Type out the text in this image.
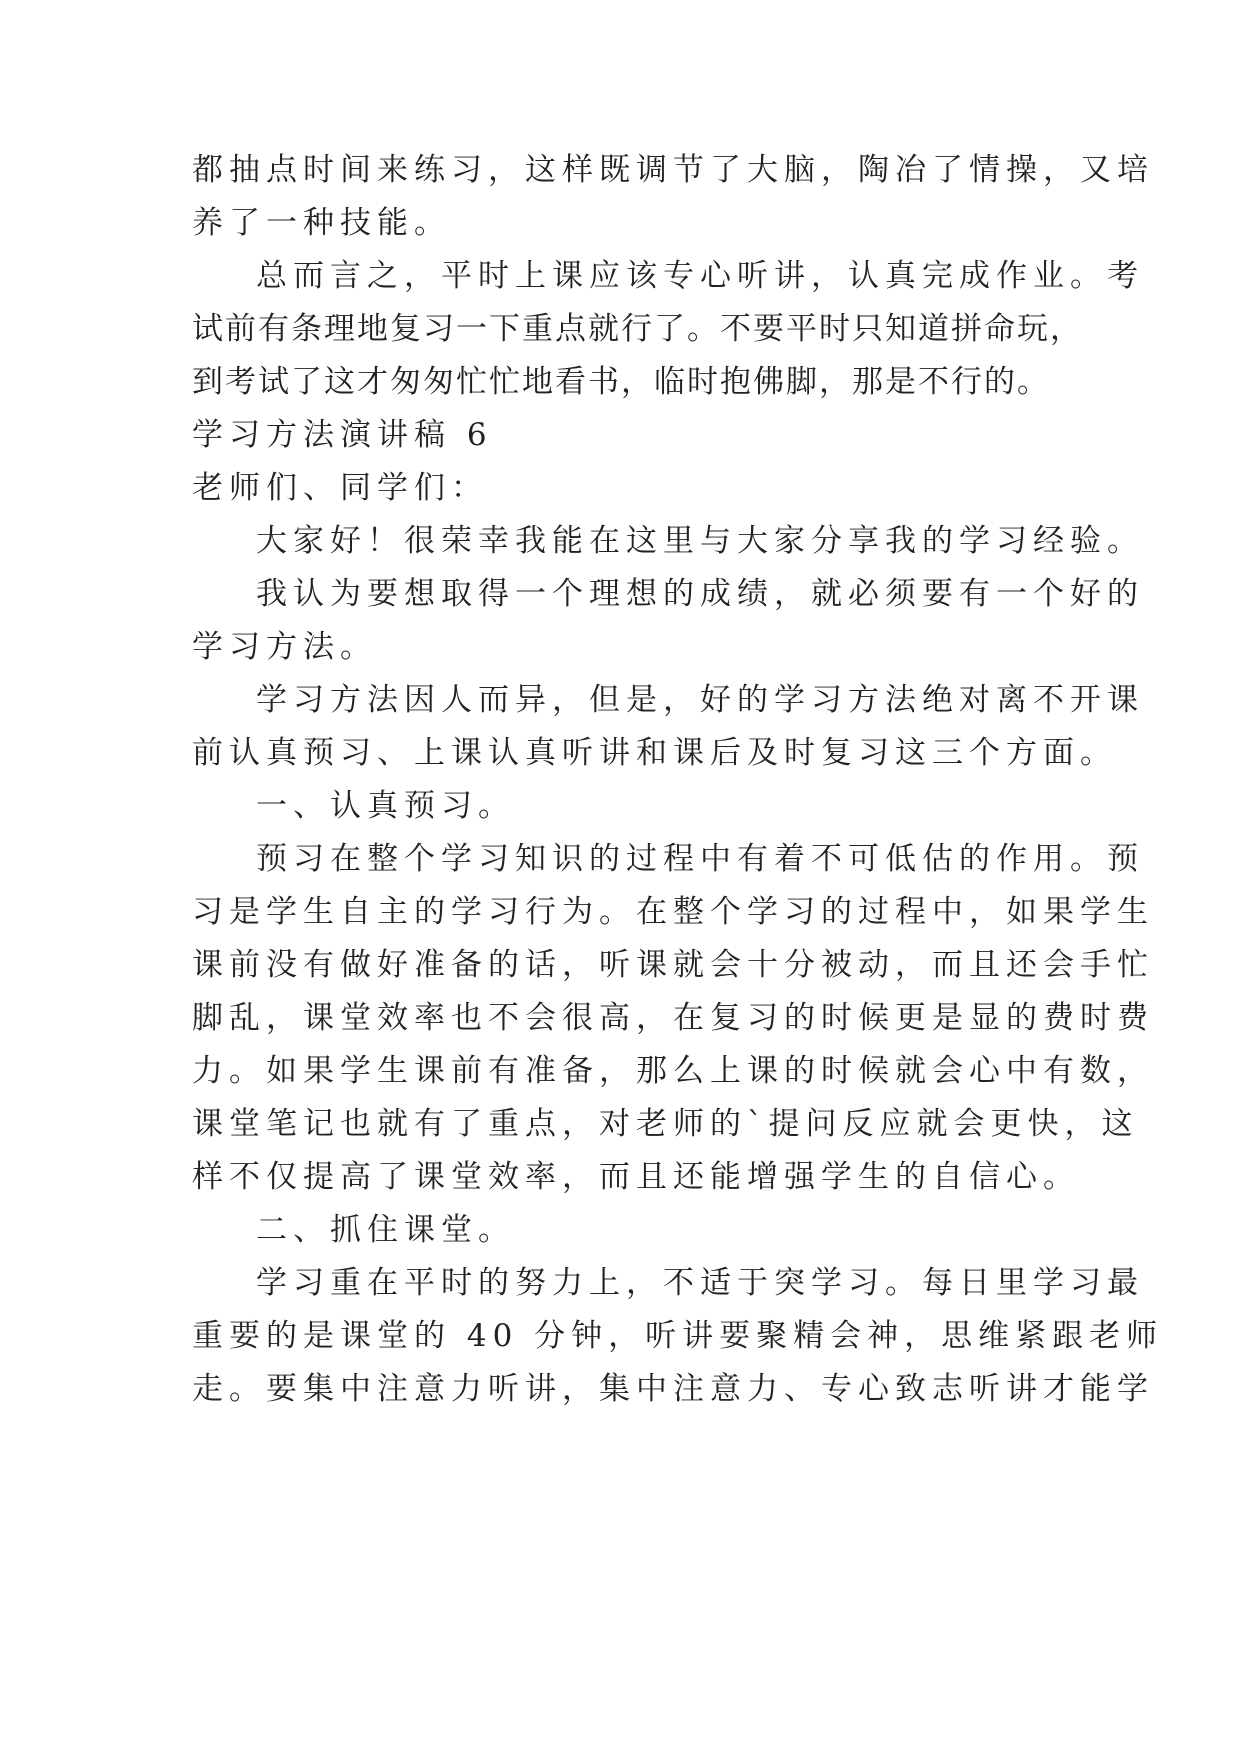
都抽点时间来练习，这样既调节了大脑，陶冶了情操，又培
养了一种技能。
总而言之，平时上课应该专心听讲，认真完成作业。考
试前有条理地复习一下重点就行了。不要平时只知道拼命玩，
到考试了这才匆匆忙忙地看书，临时抱佛脚，那是不行的。
学习方法演讲稿 6
老师们、同学们：
大家好！很荣幸我能在这里与大家分享我的学习经验。
我认为要想取得一个理想的成绩，就必须要有一个好的
学习方法。
学习方法因人而异，但是，好的学习方法绝对离不开课
前认真预习、上课认真听讲和课后及时复习这三个方面。
一、认真预习。
预习在整个学习知识的过程中有着不可低估的作用。预
习是学生自主的学习行为。在整个学习的过程中，如果学生
课前没有做好准备的话，听课就会十分被动，而且还会手忙
脚乱，课堂效率也不会很高，在复习的时候更是显的费时费
力。如果学生课前有准备，那么上课的时候就会心中有数，
课堂笔记也就有了重点，对老师的`提问反应就会更快，这
样不仅提高了课堂效率，而且还能增强学生的自信心。
二、抓住课堂。
学习重在平时的努力上，不适于突学习。每日里学习最
重要的是课堂的 40 分钟，听讲要聚精会神，思维紧跟老师
走。要集中注意力听讲，集中注意力、专心致志听讲才能学
